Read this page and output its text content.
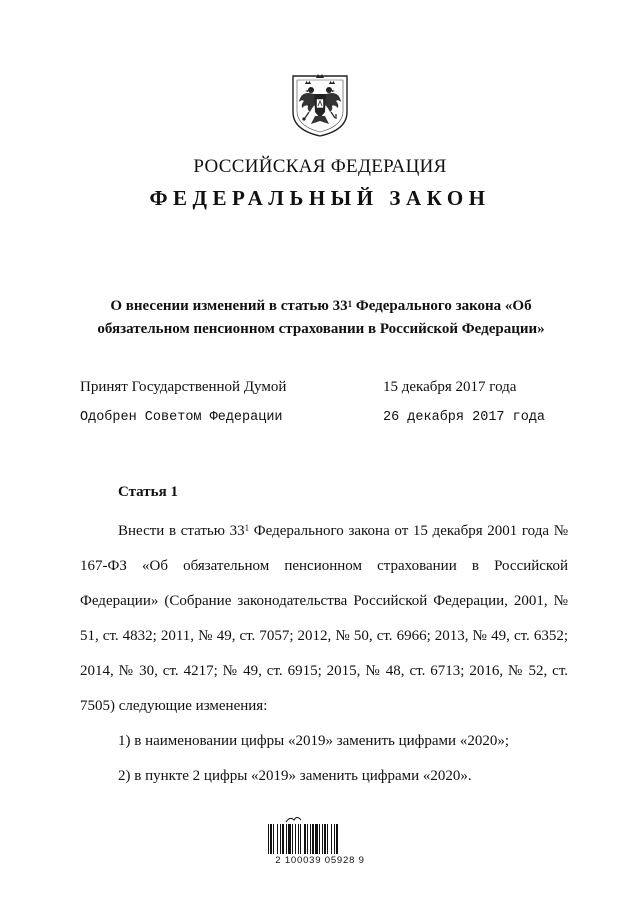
РОССИЙСКАЯ ФЕДЕРАЦИЯ
ФЕДЕРАЛЬНЫЙ ЗАКОН
О внесении изменений в статью $33^1$ Федерального закона «Об обязательном пенсионном страховании в Российской Федерации»
Принят Государственной Думой	15 декабря 2017 года
Одобрен Советом Федерации	26 декабря 2017 года
Статья 1

Внести в статью $33^1$ Федерального закона от 15 декабря 2001 года № 167-ФЗ «Об обязательном пенсионном страховании в Российской Федерации» (Собрание законодательства Российской Федерации, 2001, № 51, ст. 4832; 2011, № 49, ст. 7057; 2012, № 50, ст. 6966; 2013, № 49, ст. 6352; 2014, № 30, ст. 4217; № 49, ст. 6915; 2015, № 48, ст. 6713; 2016, № 52, ст. 7505) следующие изменения:

1) в наименовании цифры «2019» заменить цифрами «2020»;

2) в пункте 2 цифры «2019» заменить цифрами «2020».

2 100039 05928 9
